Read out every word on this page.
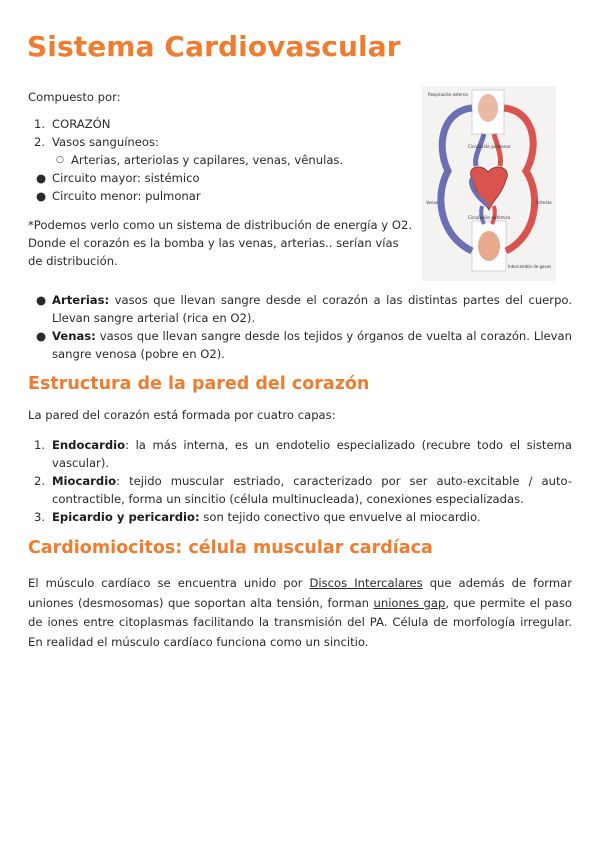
Sistema Cardiovascular

Compuesto por:

1. CORAZÓN
2. Vasos sanguíneos:
○ Arterias, arteriolas y capilares, venas, vênulas.
● Circuito mayor: sistémico
● Circuito menor: pulmonar

*Podemos verlo como un sistema de distribución de energía y O2. Donde el corazón es la bomba y las venas, arterias.. serían vías de distribución.

Respiración externa
Circulación pulmonar
Circulación sistémica
Venas	Arterias
Intercambio de gases
● Arterias: vasos que llevan sangre desde el corazón a las distintas partes del cuerpo. Llevan sangre arterial (rica en O2).
● Venas: vasos que llevan sangre desde los tejidos y órganos de vuelta al corazón. Llevan sangre venosa (pobre en O2).
Estructura de la pared del corazón

La pared del corazón está formada por cuatro capas:

1. Endocardio: la más interna, es un endotelio especializado (recubre todo el sistema vascular).
2. Miocardio: tejido muscular estriado, caracterizado por ser auto-excitable / auto-contractible, forma un sincitio (célula multinucleada), conexiones especializadas.
3. Epicardio y pericardio: son tejido conectivo que envuelve al miocardio.
Cardiomiocitos: célula muscular cardíaca

El músculo cardíaco se encuentra unido por Discos Intercalares que además de formar uniones (desmosomas) que soportan alta tensión, forman uniones gap, que permite el paso de iones entre citoplasmas facilitando la transmisión del PA. Célula de morfología irregular. En realidad el músculo cardíaco funciona como un sincitio.
